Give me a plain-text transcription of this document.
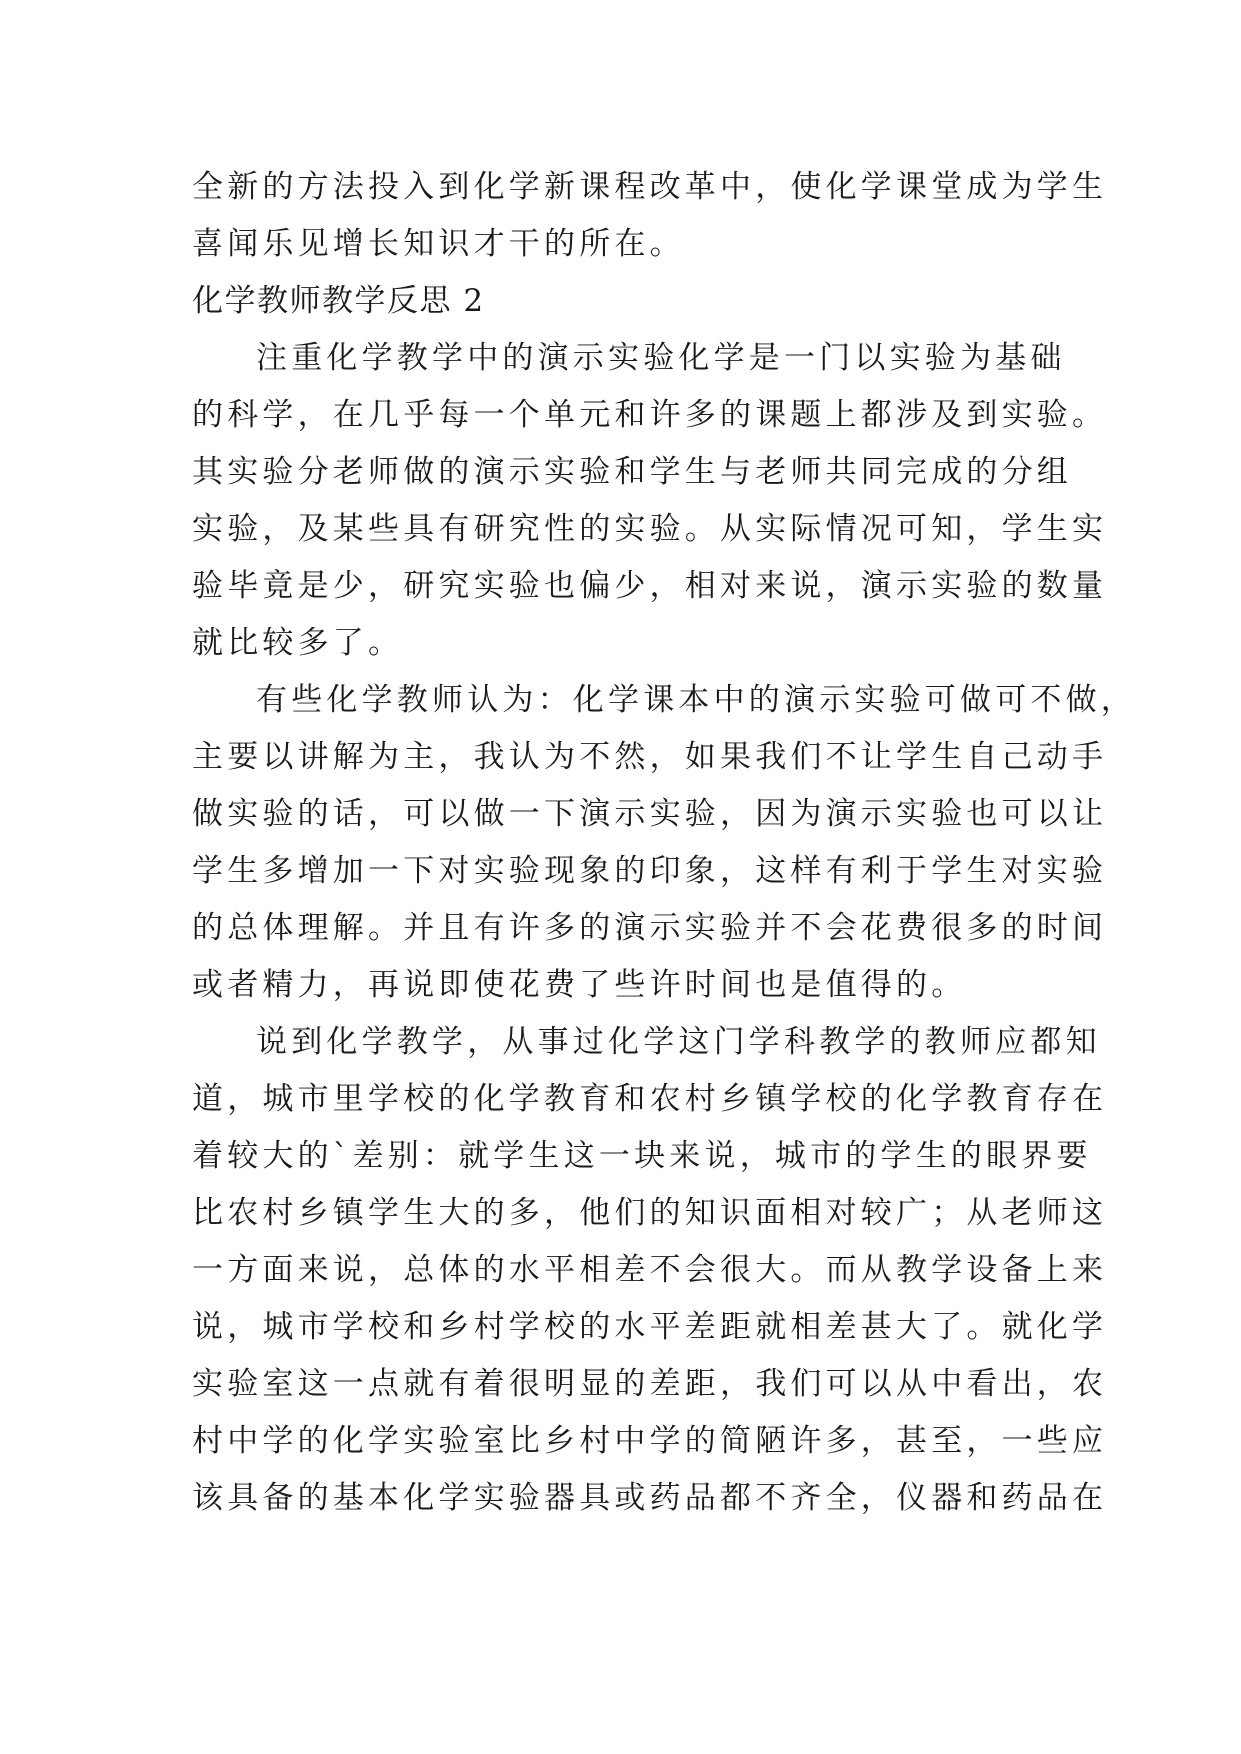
全新的方法投入到化学新课程改革中，使化学课堂成为学生
喜闻乐见增长知识才干的所在。
化学教师教学反思 2
注重化学教学中的演示实验化学是一门以实验为基础
的科学，在几乎每一个单元和许多的课题上都涉及到实验。
其实验分老师做的演示实验和学生与老师共同完成的分组
实验，及某些具有研究性的实验。从实际情况可知，学生实
验毕竟是少，研究实验也偏少，相对来说，演示实验的数量
就比较多了。
有些化学教师认为：化学课本中的演示实验可做可不做，
主要以讲解为主，我认为不然，如果我们不让学生自己动手
做实验的话，可以做一下演示实验，因为演示实验也可以让
学生多增加一下对实验现象的印象，这样有利于学生对实验
的总体理解。并且有许多的演示实验并不会花费很多的时间
或者精力，再说即使花费了些许时间也是值得的。
说到化学教学，从事过化学这门学科教学的教师应都知
道，城市里学校的化学教育和农村乡镇学校的化学教育存在
着较大的`差别：就学生这一块来说，城市的学生的眼界要
比农村乡镇学生大的多，他们的知识面相对较广；从老师这
一方面来说，总体的水平相差不会很大。而从教学设备上来
说，城市学校和乡村学校的水平差距就相差甚大了。就化学
实验室这一点就有着很明显的差距，我们可以从中看出，农
村中学的化学实验室比乡村中学的简陋许多，甚至，一些应
该具备的基本化学实验器具或药品都不齐全，仪器和药品在
